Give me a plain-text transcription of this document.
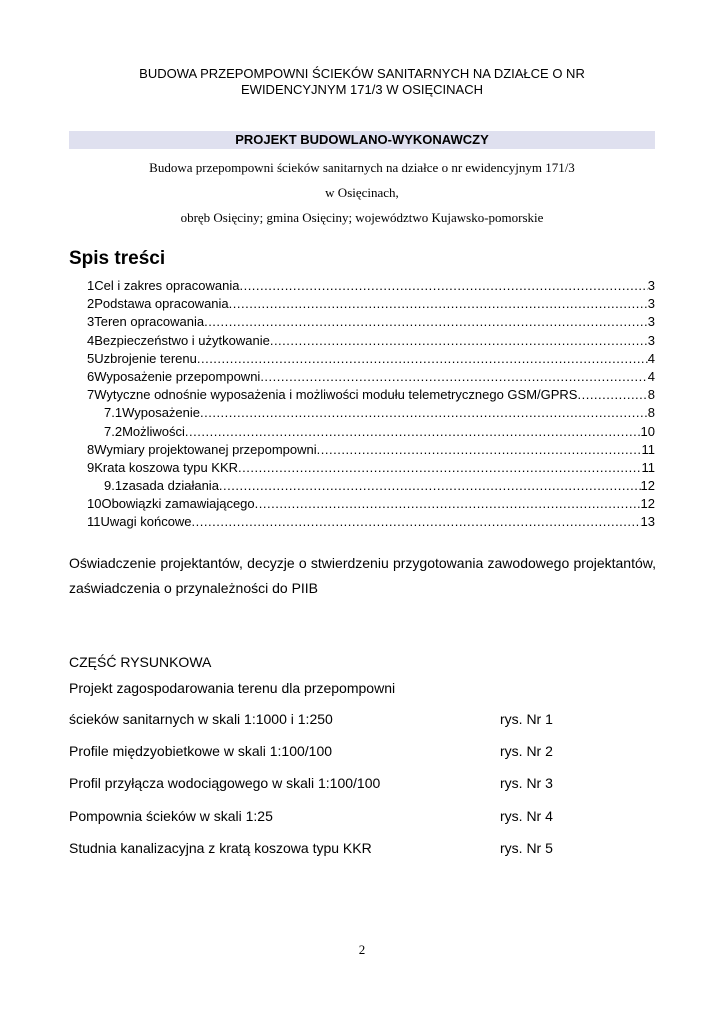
BUDOWA PRZEPOMPOWNI ŚCIEKÓW SANITARNYCH NA DZIAŁCE O NR
EWIDENCYJNYM 171/3 W OSIĘCINACH
PROJEKT BUDOWLANO-WYKONAWCZY
Budowa przepompowni ścieków sanitarnych na działce o nr ewidencyjnym 171/3
w Osięcinach,
obręb Osięciny; gmina Osięciny; województwo Kujawsko-pomorskie
Spis treści
1Cel i zakres opracowania .....	3
2Podstawa opracowania .....	3
3Teren opracowania .....	3
4Bezpieczeństwo i użytkowanie .....	3
5Uzbrojenie terenu .....	4
6Wyposażenie przepompowni .....	4
7Wytyczne odnośnie wyposażenia i możliwości modułu telemetrycznego GSM/GPRS .....	8
7.1Wyposażenie .....	8
7.2Możliwości .....	10
8Wymiary projektowanej przepompowni .....	11
9Krata koszowa typu KKR .....	11
9.1zasada działania .....	12
10Obowiązki zamawiającego .....	12
11Uwagi końcowe .....	13
Oświadczenie projektantów, decyzje o stwierdzeniu przygotowania zawodowego projektantów, zaświadczenia o przynależności do PIIB
CZĘŚĆ RYSUNKOWA
Projekt zagospodarowania terenu dla przepompowni
ścieków sanitarnych w skali 1:1000 i 1:250	rys. Nr 1
Profile międzyobietkowe w skali 1:100/100	rys. Nr 2
Profil przyłącza wodociągowego w skali 1:100/100	rys. Nr 3
Pompownia ścieków w skali 1:25	rys. Nr 4
Studnia kanalizacyjna z kratą koszowa typu KKR	rys. Nr 5
2
